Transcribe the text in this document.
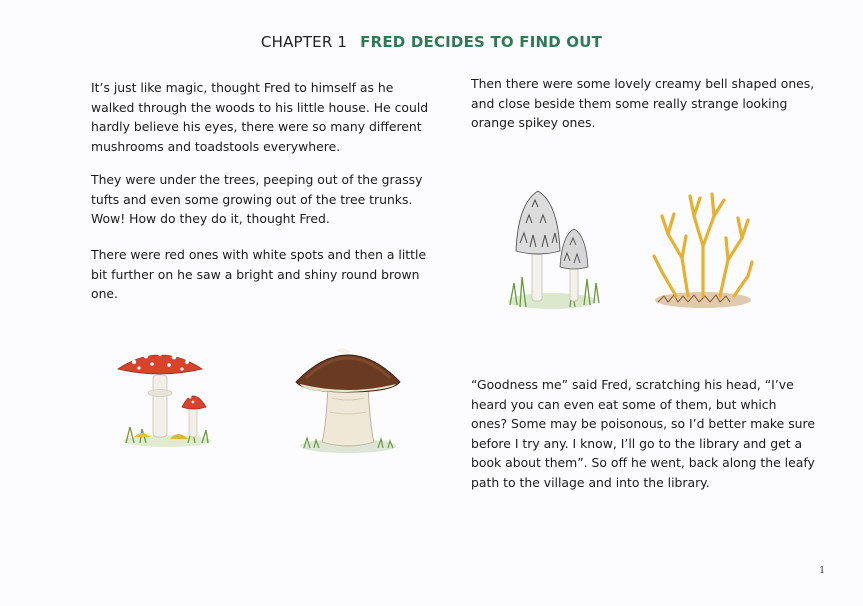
CHAPTER 1 FRED DECIDES TO FIND OUT

It’s just like magic, thought Fred to himself as he walked through the woods to his little house. He could hardly believe his eyes, there were so many different mushrooms and toadstools everywhere.

They were under the trees, peeping out of the grassy tufts and even some growing out of the tree trunks. Wow! How do they do it, thought Fred.

There were red ones with white spots and then a little bit further on he saw a bright and shiny round brown one.

Then there were some lovely creamy bell shaped ones, and close beside them some really strange looking orange spikey ones.

“Goodness me” said Fred, scratching his head, “I’ve heard you can even eat some of them, but which ones? Some may be poisonous, so I’d better make sure before I try any. I know, I’ll go to the library and get a book about them”. So off he went, back along the leafy path to the village and into the library.

1
